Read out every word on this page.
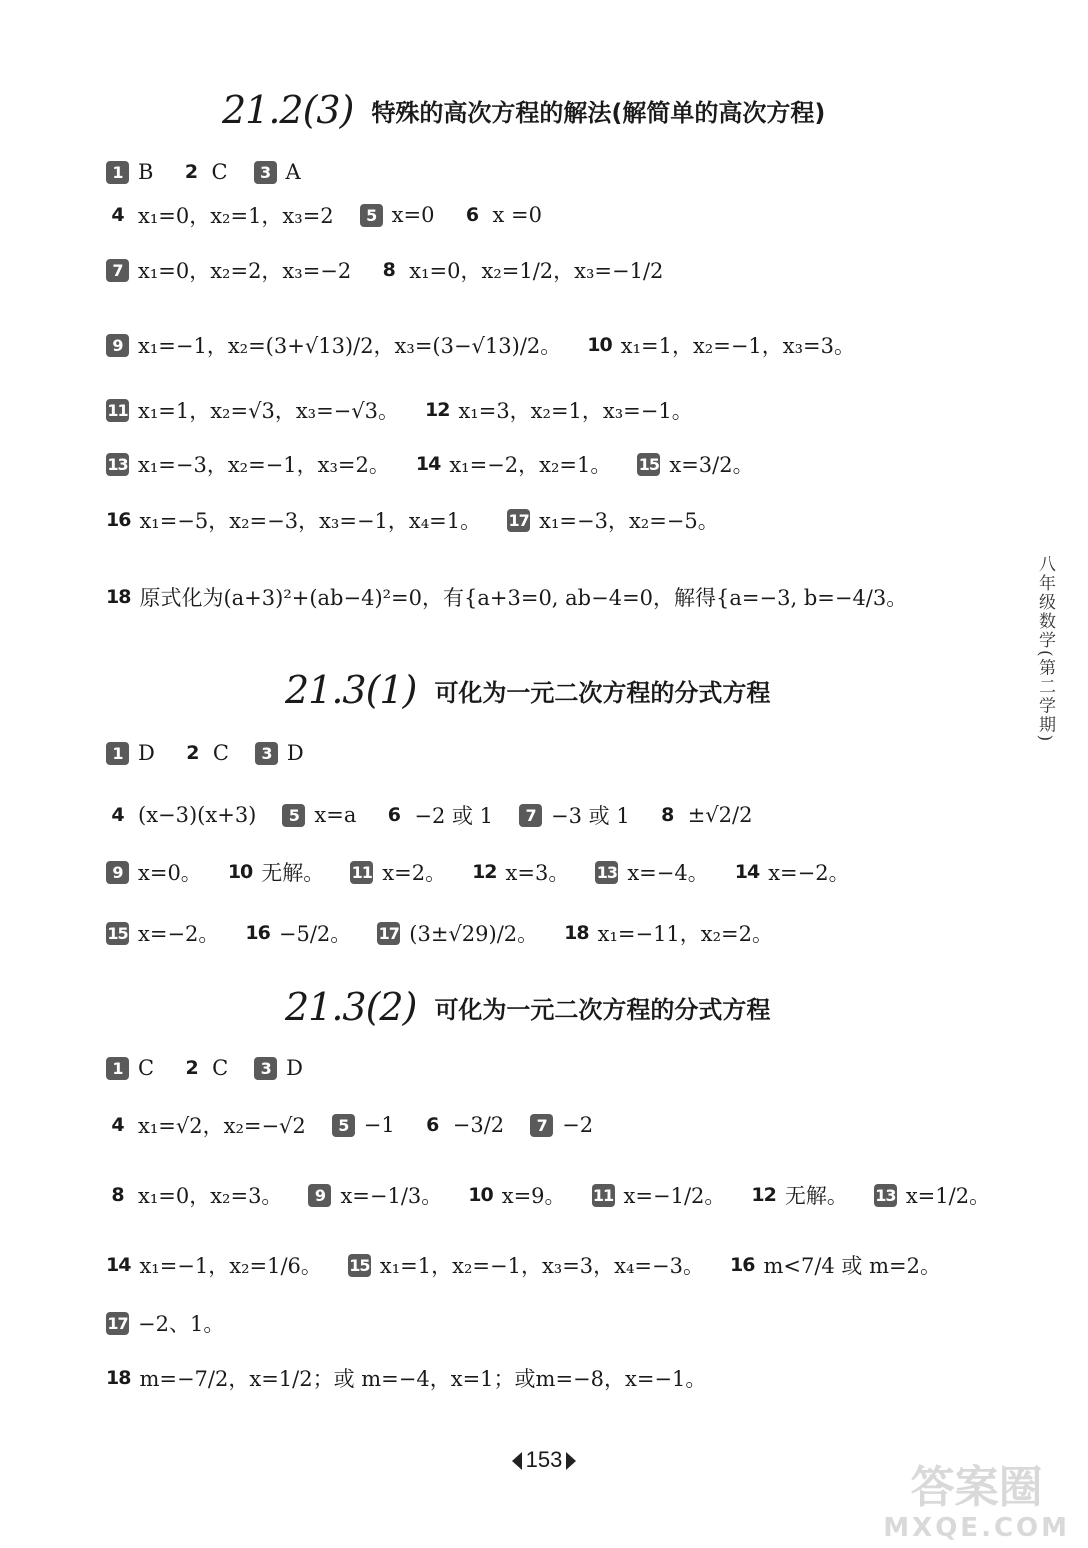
21.2(3) 特殊的高次方程的解法(解简单的高次方程)
21.3(1) 可化为一元二次方程的分式方程
21.3(2) 可化为一元二次方程的分式方程
八年级数学(第二学期)
153
答案圈
MXQE.COM
1 B 2 C	3 A
4 x₁=0，x₂=1，x₃=2	5 x=0 6 x =0
7 x₁=0，x₂=2，x₃=−2 8 x₁=0，x₂=1/2，x₃=−1/2
9 x₁=−1，x₂=(3+√13)/2，x₃=(3−√13)/2。 10 x₁=1，x₂=−1，x₃=3。
11 x₁=1，x₂=√3，x₃=−√3。 12 x₁=3，x₂=1，x₃=−1。
13 x₁=−3，x₂=−1，x₃=2。 14 x₁=−2，x₂=1。 15 x=3/2。
16 x₁=−5，x₂=−3，x₃=−1，x₄=1。 17 x₁=−3，x₂=−5。
18 原式化为(a+3)²+(ab−4)²=0，有{a+3=0, ab−4=0，解得{a=−3, b=−4/3。
1 D 2 C	3 D
4 (x−3)(x+3)	5 x=a 6 −2 或 1	7 −3 或 1 8 ±√2/2
9 x=0。 10 无解。 11 x=2。 12 x=3。 13 x=−4。 14 x=−2。
15 x=−2。 16 −5/2。 17 (3±√29)/2。 18 x₁=−11，x₂=2。
1 C 2 C	3 D
4 x₁=√2，x₂=−√2	5 −1 6 −3/2	7 −2
8 x₁=0，x₂=3。	9 x=−1/3。 10 x=9。 11 x=−1/2。 12 无解。 13 x=1/2。
14 x₁=−1，x₂=1/6。 15 x₁=1，x₂=−1，x₃=3，x₄=−3。 16 m<7/4 或 m=2。
17 −2、1。
18 m=−7/2，x=1/2；或 m=−4，x=1；或m=−8，x=−1。
